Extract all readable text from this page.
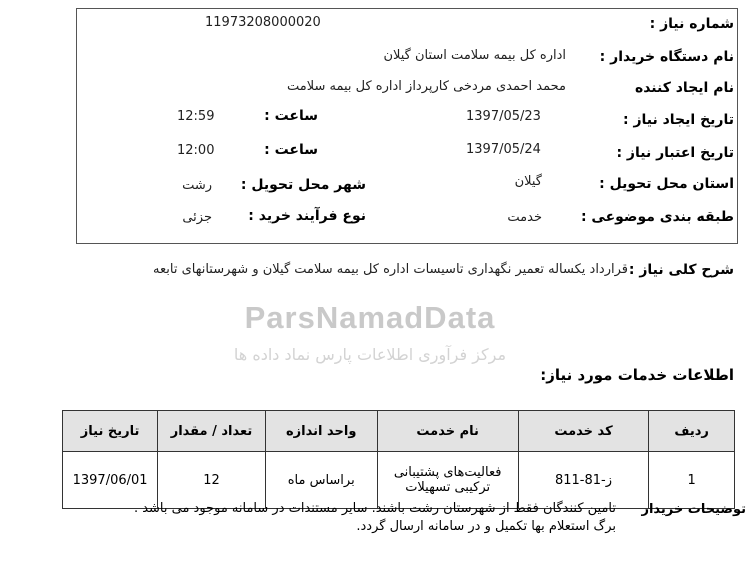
ParsNamadData
مرکز فرآوری اطلاعات پارس نماد داده ها
شماره نیاز :
11973208000020
نام دستگاه خریدار :
اداره کل بیمه سلامت استان گیلان
نام ایجاد کننده
محمد احمدی مردخی کارپرداز اداره کل بیمه سلامت
تاریخ ایجاد نیاز :
1397/05/23
ساعت :
12:59
تاریخ اعتبار نیاز :
1397/05/24
ساعت :
12:00
استان محل تحویل :
گیلان
شهر محل تحویل :
رشت
طبقه بندی موضوعی :
خدمت
نوع فرآیند خرید :
جزئی
شرح کلی نیاز :
قرارداد یکساله تعمیر نگهداری تاسیسات اداره کل بیمه سلامت گیلان و شهرستانهای تابعه
اطلاعات خدمات مورد نیاز:
ردیف	کد خدمت	نام خدمت	واحد اندازه	تعداد / مقدار	تاریخ نیاز
1	ز-81-811	فعالیت‌های پشتیبانی ترکیبی تسهیلات	براساس ماه	12	1397/06/01
توضیحات خریدار
تامین کنندگان فقط از شهرستان رشت باشند. سایر مستندات در سامانه موجود می باشد . برگ استعلام بها تکمیل و در سامانه ارسال گردد.
